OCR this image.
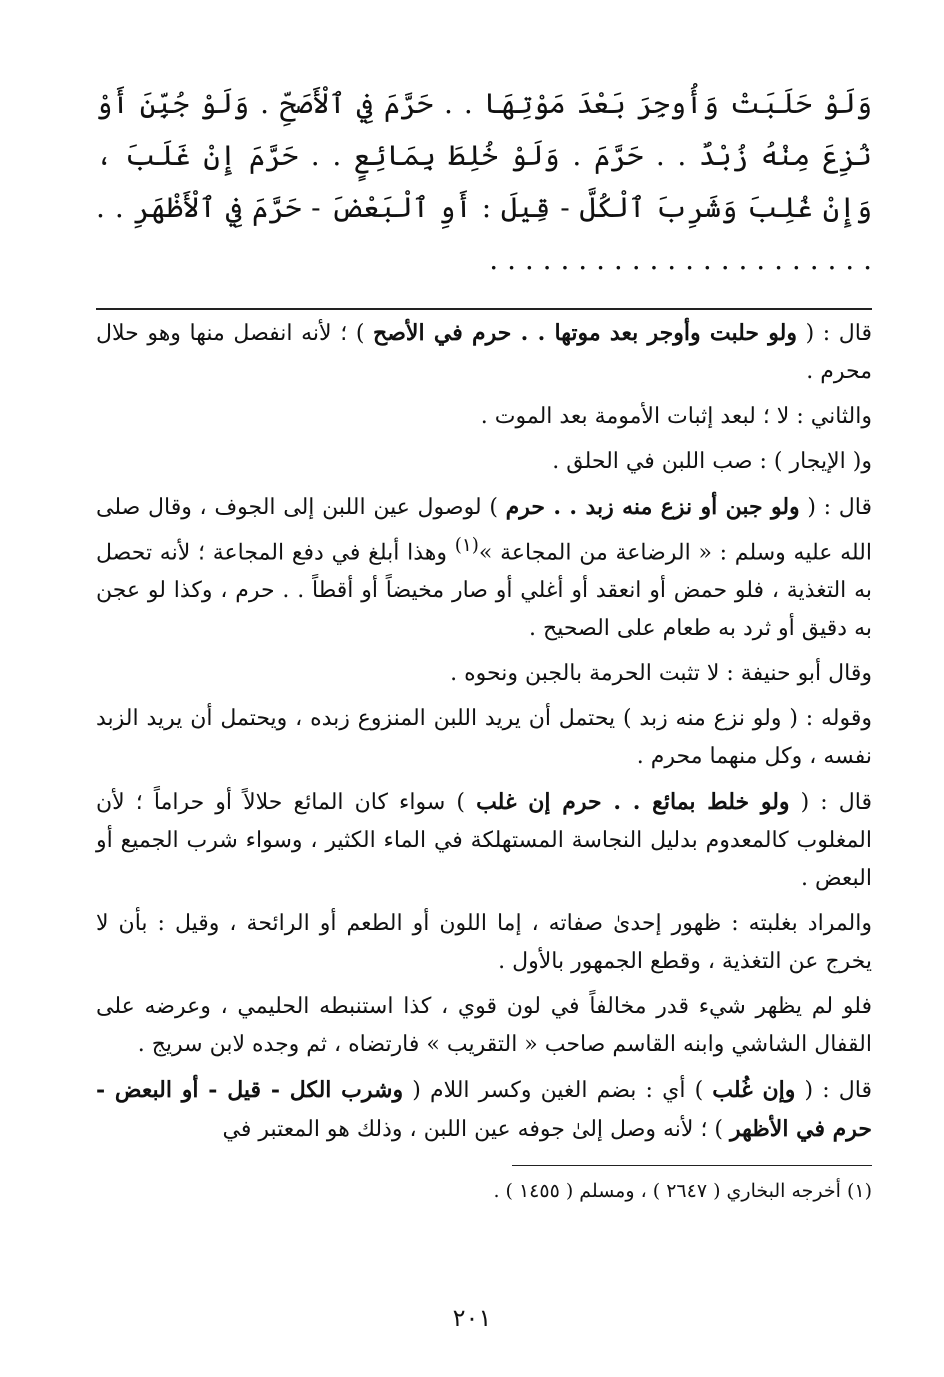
وَلَوْ حَلَبَتْ وَأُوجِرَ بَعْدَ مَوْتِهَا . . حَرَّمَ فِي ٱلْأَصَحِّ . وَلَوْ جُبِّنَ أَوْ نُزِعَ مِنْهُ زُبْدٌ . . حَرَّمَ . وَلَوْ خُلِطَ بِمَائِعٍ . . حَرَّمَ إِنْ غَلَبَ ، وَإِنْ غُلِبَ وَشَرِبَ ٱلْكُلَّ - قِيلَ : أَوِ ٱلْبَعْضَ - حَرَّمَ فِي ٱلْأَظْهَرِ . . . . . . . . . . . . . . . . . . . . . . . .

قال : ( ولو حلبت وأوجر بعد موتها . . حرم في الأصح ) ؛ لأنه انفصل منها وهو حلال محرم .

والثاني : لا ؛ لبعد إثبات الأمومة بعد الموت .

و( الإيجار ) : صب اللبن في الحلق .

قال : ( ولو جبن أو نزع منه زبد . . حرم ) لوصول عين اللبن إلى الجوف ، وقال صلى الله عليه وسلم : « الرضاعة من المجاعة »$^{(١)}$ وهذا أبلغ في دفع المجاعة ؛ لأنه تحصل به التغذية ، فلو حمض أو انعقد أو أغلي أو صار مخيضاً أو أقطاً . . حرم ، وكذا لو عجن به دقيق أو ثرد به طعام على الصحيح .

وقال أبو حنيفة : لا تثبت الحرمة بالجبن ونحوه .

وقوله : ( ولو نزع منه زبد ) يحتمل أن يريد اللبن المنزوع زبده ، ويحتمل أن يريد الزبد نفسه ، وكل منهما محرم .

قال : ( ولو خلط بمائع . . حرم إن غلب ) سواء كان المائع حلالاً أو حراماً ؛ لأن المغلوب كالمعدوم بدليل النجاسة المستهلكة في الماء الكثير ، وسواء شرب الجميع أو البعض .

والمراد بغلبته : ظهور إحدىٰ صفاته ، إما اللون أو الطعم أو الرائحة ، وقيل : بأن لا يخرج عن التغذية ، وقطع الجمهور بالأول .

فلو لم يظهر شيء قدر مخالفاً في لون قوي ، كذا استنبطه الحليمي ، وعرضه على القفال الشاشي وابنه القاسم صاحب « التقريب » فارتضاه ، ثم وجده لابن سريج .

قال : ( وإن غُلب ) أي : بضم الغين وكسر اللام ( وشرب الكل - قيل - أو البعض - حرم في الأظهر ) ؛ لأنه وصل إلىٰ جوفه عين اللبن ، وذلك هو المعتبر في

(١) أخرجه البخاري ( ٢٦٤٧ ) ، ومسلم ( ١٤٥٥ ) .

٢٠١
